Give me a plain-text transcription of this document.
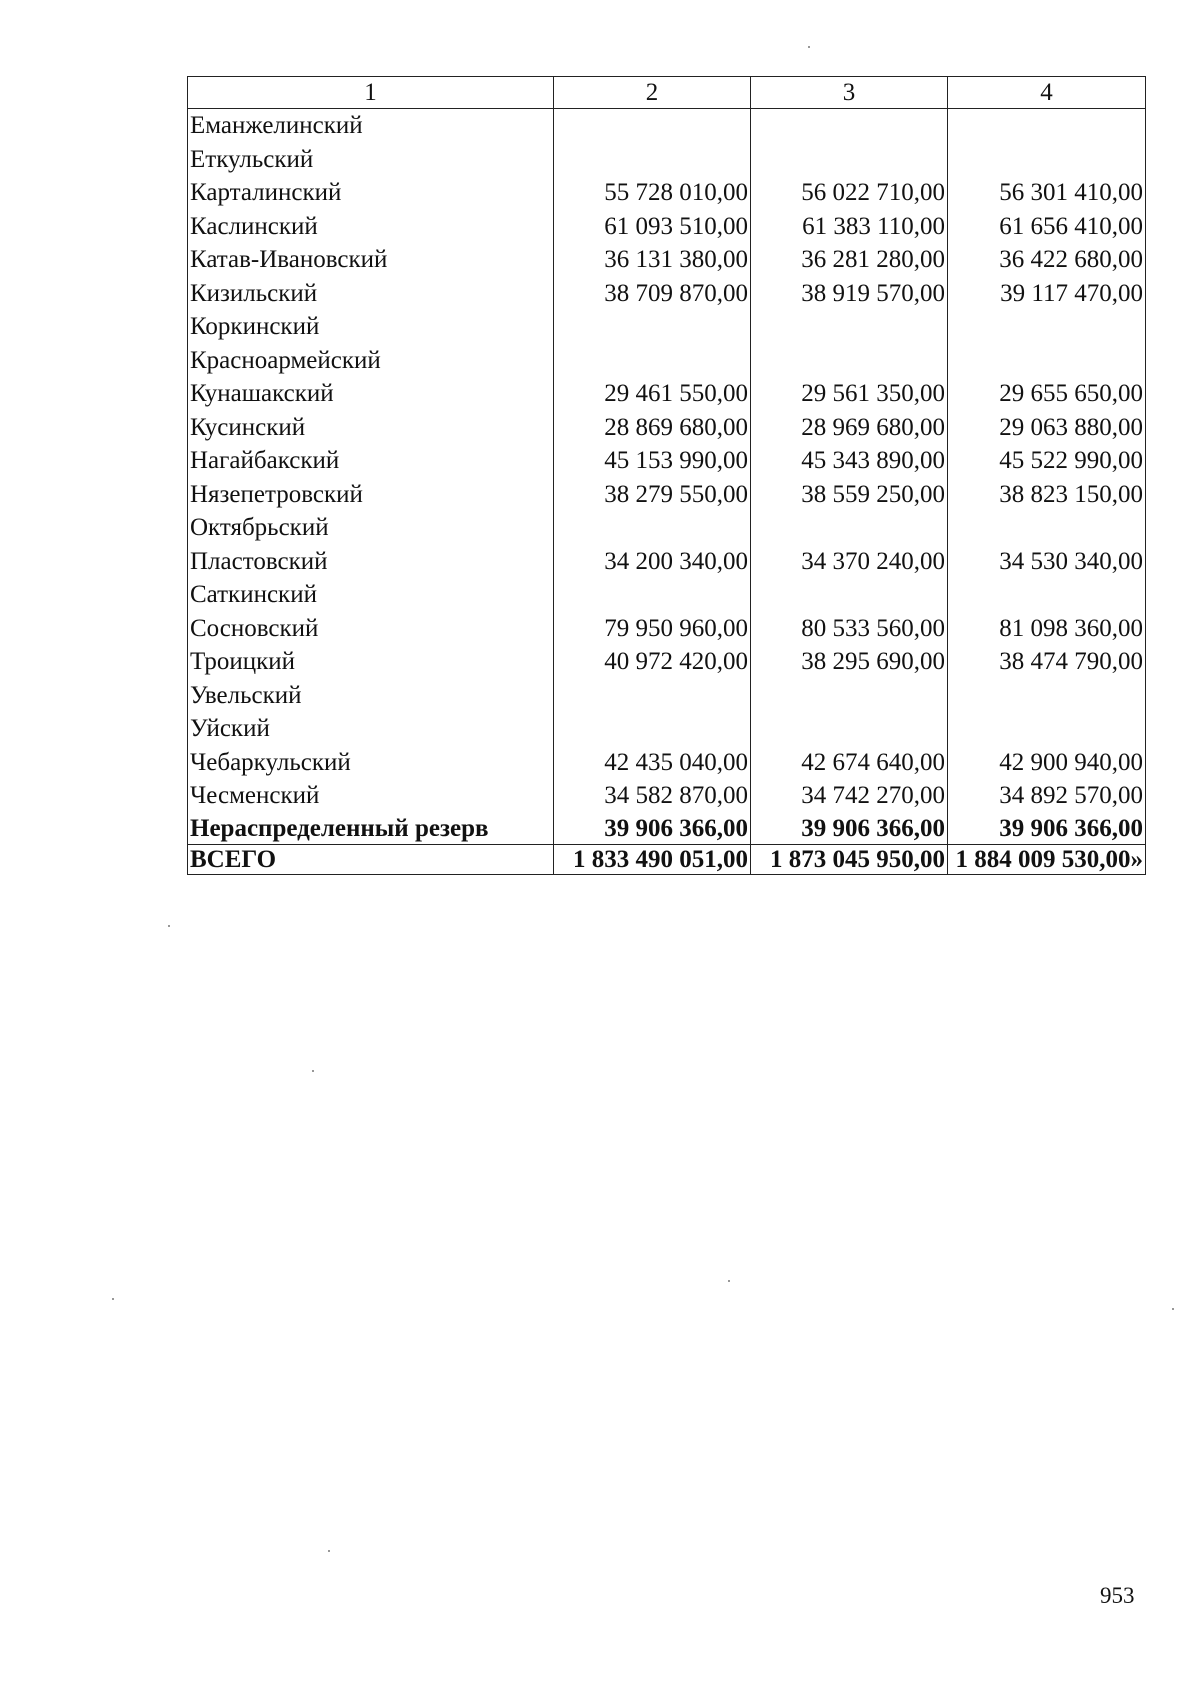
1	2	3	4
Еманжелинский			
Еткульский			
Карталинский	55 728 010,00	56 022 710,00	56 301 410,00
Каслинский	61 093 510,00	61 383 110,00	61 656 410,00
Катав-Ивановский	36 131 380,00	36 281 280,00	36 422 680,00
Кизильский	38 709 870,00	38 919 570,00	39 117 470,00
Коркинский			
Красноармейский			
Кунашакский	29 461 550,00	29 561 350,00	29 655 650,00
Кусинский	28 869 680,00	28 969 680,00	29 063 880,00
Нагайбакский	45 153 990,00	45 343 890,00	45 522 990,00
Нязепетровский	38 279 550,00	38 559 250,00	38 823 150,00
Октябрьский			
Пластовский	34 200 340,00	34 370 240,00	34 530 340,00
Саткинский			
Сосновский	79 950 960,00	80 533 560,00	81 098 360,00
Троицкий	40 972 420,00	38 295 690,00	38 474 790,00
Увельский			
Уйский			
Чебаркульский	42 435 040,00	42 674 640,00	42 900 940,00
Чесменский	34 582 870,00	34 742 270,00	34 892 570,00
Нераспределенный резерв	39 906 366,00	39 906 366,00	39 906 366,00
ВСЕГО	1 833 490 051,00	1 873 045 950,00	1 884 009 530,00»
953
